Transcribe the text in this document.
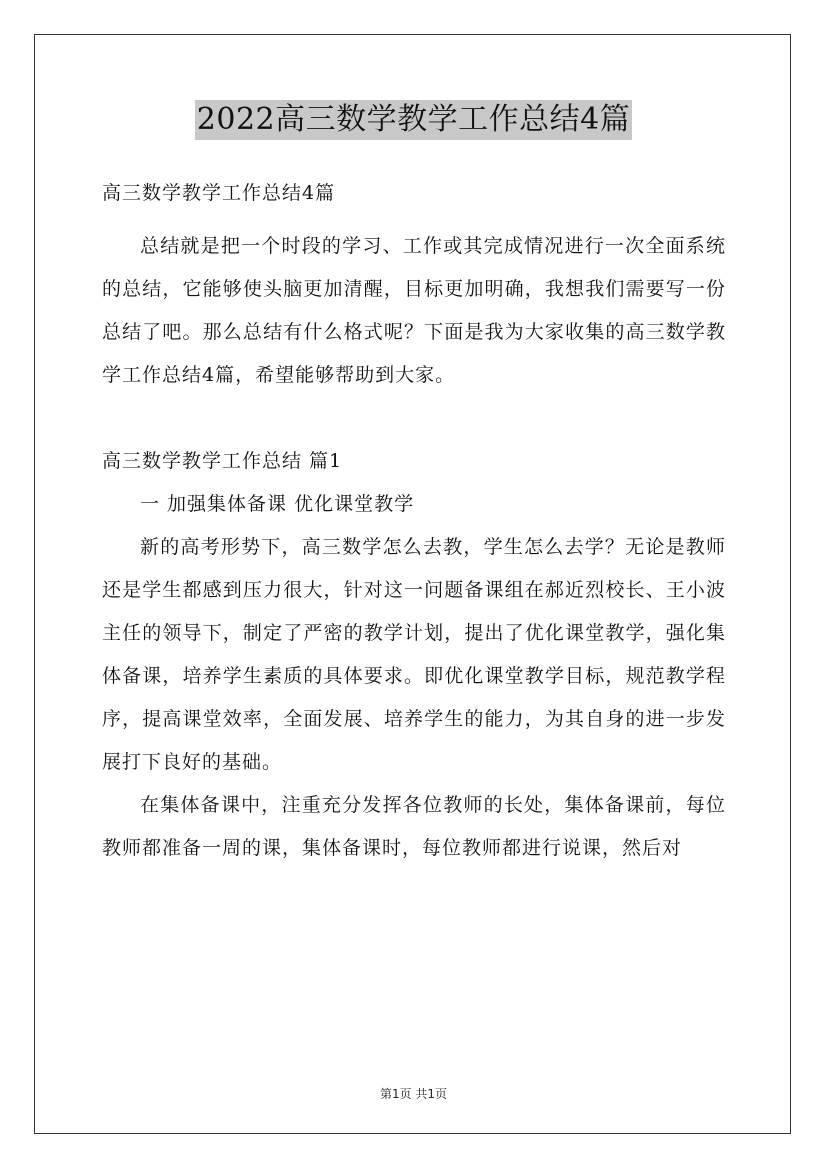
2022高三数学教学工作总结4篇

高三数学教学工作总结4篇

总结就是把一个时段的学习、工作或其完成情况进行一次全面系统的总结，它能够使头脑更加清醒，目标更加明确，我想我们需要写一份总结了吧。那么总结有什么格式呢？下面是我为大家收集的高三数学教学工作总结4篇，希望能够帮助到大家。

高三数学教学工作总结 篇1

一 加强集体备课 优化课堂教学

新的高考形势下，高三数学怎么去教，学生怎么去学？无论是教师还是学生都感到压力很大，针对这一问题备课组在郝近烈校长、王小波主任的领导下，制定了严密的教学计划，提出了优化课堂教学，强化集体备课，培养学生素质的具体要求。即优化课堂教学目标，规范教学程序，提高课堂效率，全面发展、培养学生的能力，为其自身的进一步发展打下良好的基础。

在集体备课中，注重充分发挥各位教师的长处，集体备课前，每位教师都准备一周的课，集体备课时，每位教师都进行说课，然后对

第1页 共1页
